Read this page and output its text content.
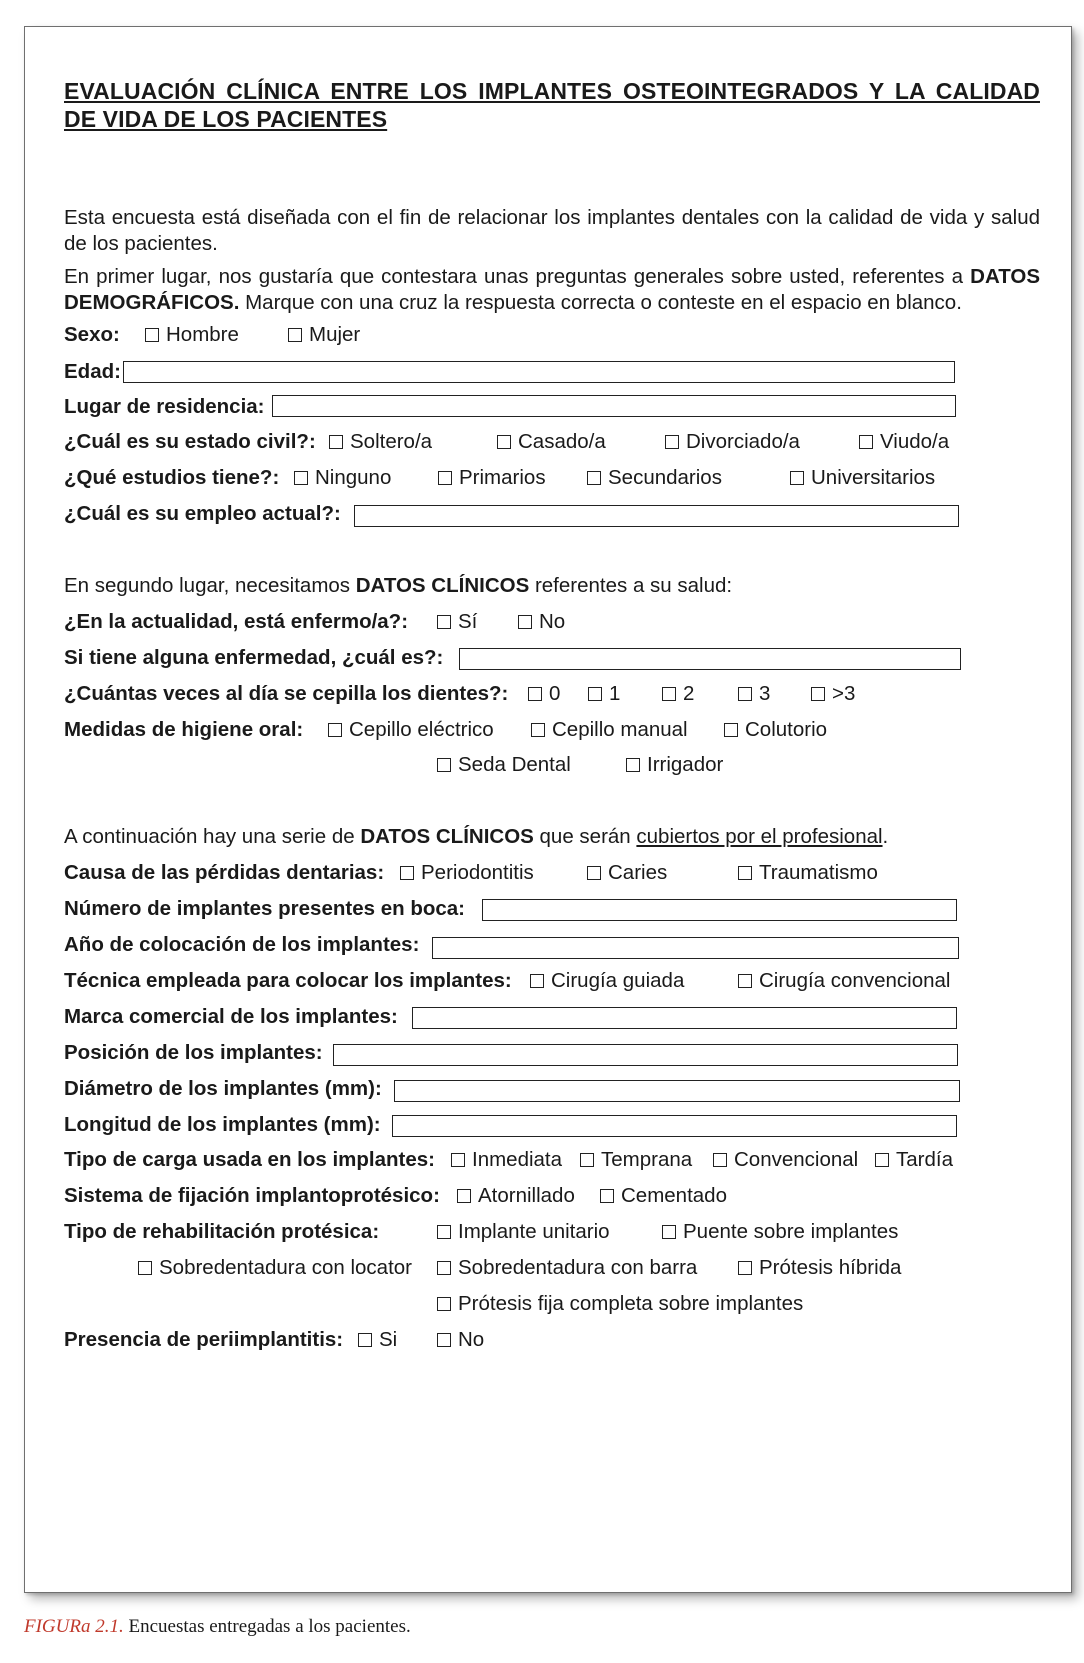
EVALUACIÓN CLÍNICA ENTRE LOS IMPLANTES OSTEOINTEGRADOS Y LA CALIDAD DE VIDA DE LOS PACIENTES
Esta encuesta está diseñada con el fin de relacionar los implantes dentales con la calidad de vida y salud de los pacientes.
En primer lugar, nos gustaría que contestara unas preguntas generales sobre usted, referentes a DATOS DEMOGRÁFICOS. Marque con una cruz la respuesta correcta o conteste en el espacio en blanco.
Sexo:	Hombre	Mujer
Edad:
Lugar de residencia:
¿Cuál es su estado civil?:	Soltero/a	Casado/a	Divorciado/a	Viudo/a
¿Qué estudios tiene?:	Ninguno	Primarios	Secundarios	Universitarios
¿Cuál es su empleo actual?:
En segundo lugar, necesitamos DATOS CLÍNICOS referentes a su salud:
¿En la actualidad, está enfermo/a?:	Sí	No
Si tiene alguna enfermedad, ¿cuál es?:
¿Cuántas veces al día se cepilla los dientes?:	0	1	2	3	>3
Medidas de higiene oral:	Cepillo eléctrico	Cepillo manual	Colutorio
Seda Dental	Irrigador
A continuación hay una serie de DATOS CLÍNICOS que serán cubiertos por el profesional.
Causa de las pérdidas dentarias:	Periodontitis	Caries	Traumatismo
Número de implantes presentes en boca:
Año de colocación de los implantes:
Técnica empleada para colocar los implantes:	Cirugía guiada	Cirugía convencional
Marca comercial de los implantes:
Posición de los implantes:
Diámetro de los implantes (mm):
Longitud de los implantes (mm):
Tipo de carga usada en los implantes:	Inmediata	Temprana	Convencional	Tardía
Sistema de fijación implantoprotésico:	Atornillado	Cementado
Tipo de rehabilitación protésica:	Implante unitario	Puente sobre implantes
Sobredentadura con locator	Sobredentadura con barra	Prótesis híbrida
Prótesis fija completa sobre implantes
Presencia de periimplantitis:	Si	No
FIGURa 2.1. Encuestas entregadas a los pacientes.
